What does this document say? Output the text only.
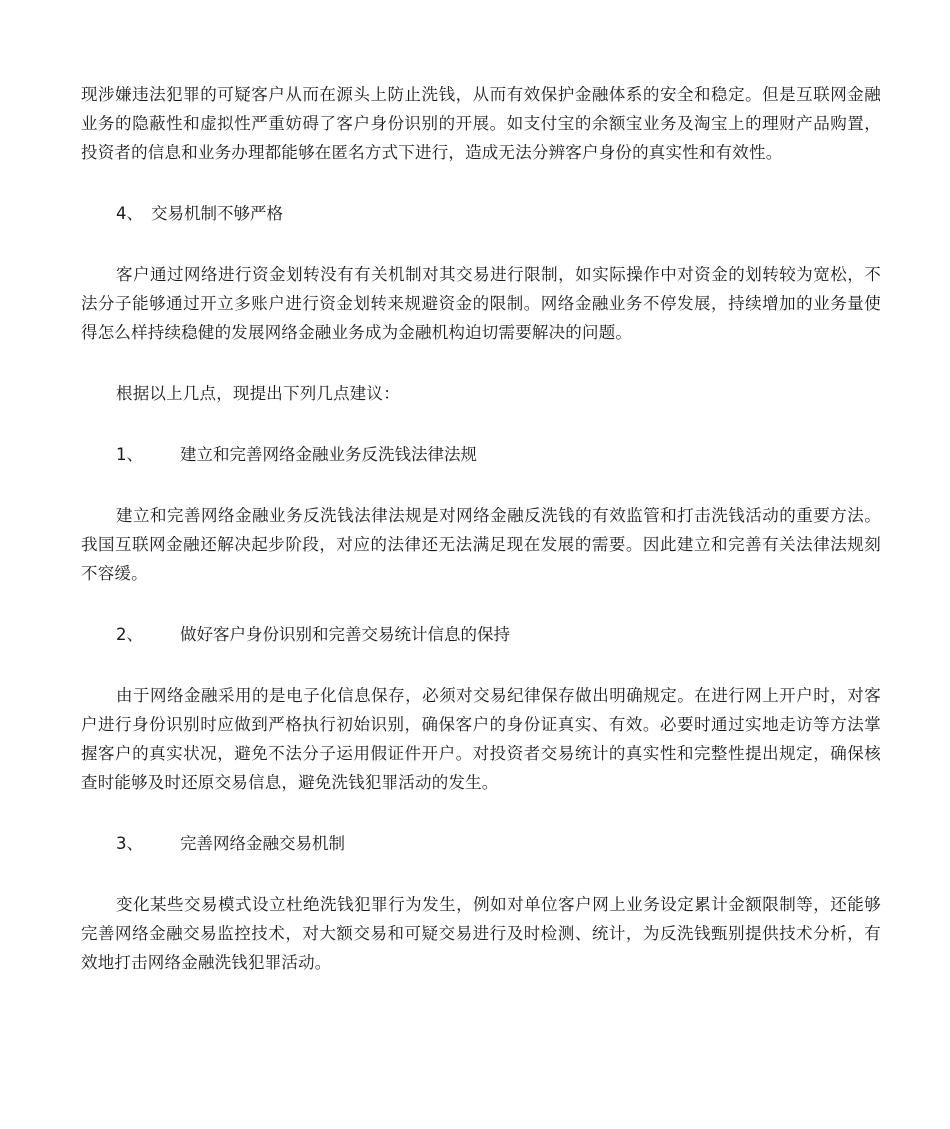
现涉嫌违法犯罪的可疑客户从而在源头上防止洗钱，从而有效保护金融体系的安全和稳定。但是互联网金融业务的隐蔽性和虚拟性严重妨碍了客户身份识别的开展。如支付宝的余额宝业务及淘宝上的理财产品购置，投资者的信息和业务办理都能够在匿名方式下进行，造成无法分辨客户身份的真实性和有效性。

4、 交易机制不够严格

客户通过网络进行资金划转没有有关机制对其交易进行限制，如实际操作中对资金的划转较为宽松，不法分子能够通过开立多账户进行资金划转来规避资金的限制。网络金融业务不停发展，持续增加的业务量使得怎么样持续稳健的发展网络金融业务成为金融机构迫切需要解决的问题。

根据以上几点，现提出下列几点建议：

1、 建立和完善网络金融业务反洗钱法律法规

建立和完善网络金融业务反洗钱法律法规是对网络金融反洗钱的有效监管和打击洗钱活动的重要方法。我国互联网金融还解决起步阶段，对应的法律还无法满足现在发展的需要。因此建立和完善有关法律法规刻不容缓。

2、 做好客户身份识别和完善交易统计信息的保持

由于网络金融采用的是电子化信息保存，必须对交易纪律保存做出明确规定。在进行网上开户时，对客户进行身份识别时应做到严格执行初始识别，确保客户的身份证真实、有效。必要时通过实地走访等方法掌握客户的真实状况，避免不法分子运用假证件开户。对投资者交易统计的真实性和完整性提出规定，确保核查时能够及时还原交易信息，避免洗钱犯罪活动的发生。

3、 完善网络金融交易机制

变化某些交易模式设立杜绝洗钱犯罪行为发生，例如对单位客户网上业务设定累计金额限制等，还能够完善网络金融交易监控技术，对大额交易和可疑交易进行及时检测、统计，为反洗钱甄别提供技术分析，有效地打击网络金融洗钱犯罪活动。
